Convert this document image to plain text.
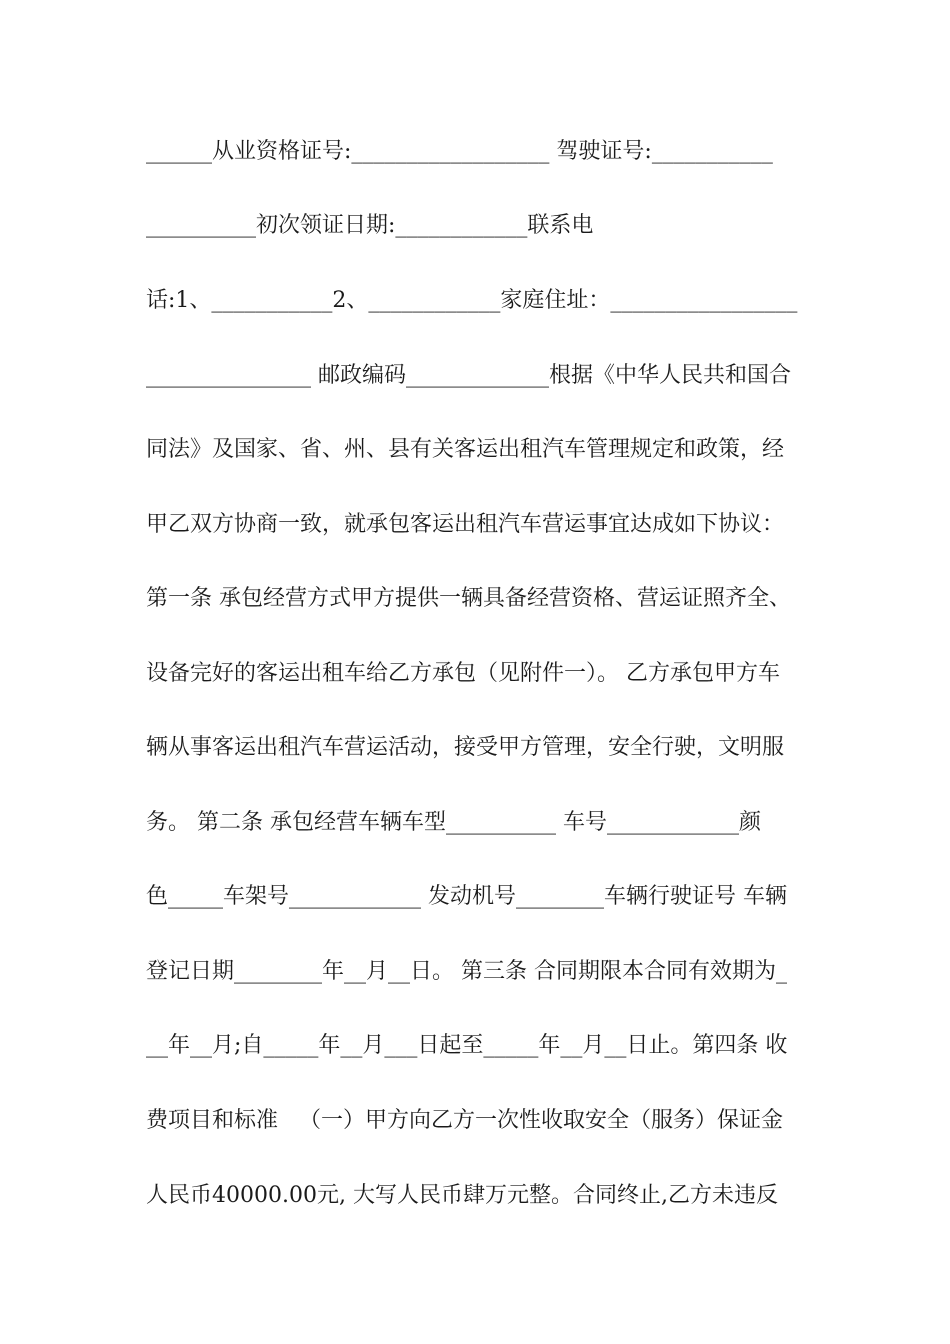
______从业资格证号:__________________ 驾驶证号:___________
__________初次领证日期:____________联系电
话:1、___________2、____________家庭住址：_________________
_______________ 邮政编码_____________根据《中华人民共和国合
同法》及国家、省、州、县有关客运出租汽车管理规定和政策，经
甲乙双方协商一致，就承包客运出租汽车营运事宜达成如下协议：
第一条 承包经营方式甲方提供一辆具备经营资格、营运证照齐全、
设备完好的客运出租车给乙方承包（见附件一）。 乙方承包甲方车
辆从事客运出租汽车营运活动，接受甲方管理，安全行驶，文明服
务。 第二条 承包经营车辆车型__________ 车号____________颜
色_____车架号____________ 发动机号________车辆行驶证号 车辆
登记日期________年__月__日。 第三条 合同期限本合同有效期为_
__年__月;自_____年__月___日起至_____年__月__日止。第四条 收
费项目和标准   （一）甲方向乙方一次性收取安全（服务）保证金
人民币40000.00元, 大写人民币肆万元整。合同终止,乙方未违反
